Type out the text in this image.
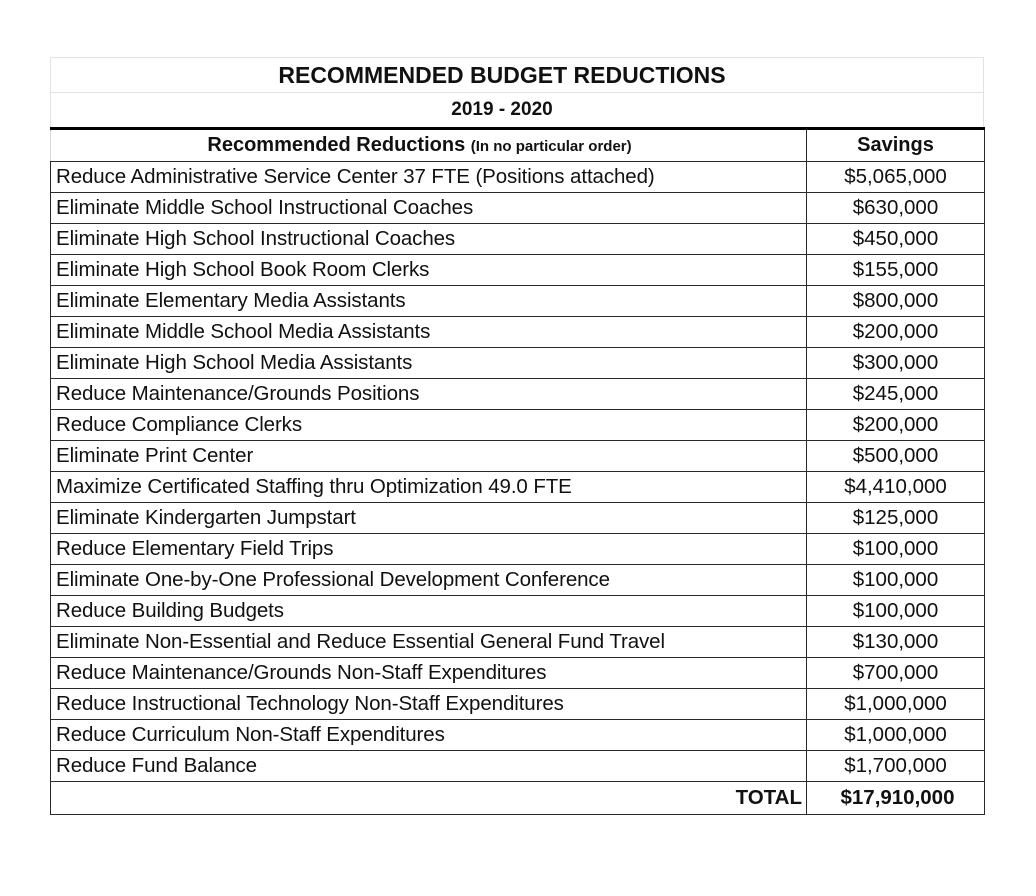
RECOMMENDED BUDGET REDUCTIONS
2019 - 2020
Recommended Reductions (In no particular order)	Savings
Reduce Administrative Service Center 37 FTE (Positions attached)	$5,065,000
Eliminate Middle School Instructional Coaches	$630,000
Eliminate High School Instructional Coaches	$450,000
Eliminate High School Book Room Clerks	$155,000
Eliminate Elementary Media Assistants	$800,000
Eliminate Middle School Media Assistants	$200,000
Eliminate High School Media Assistants	$300,000
Reduce Maintenance/Grounds Positions	$245,000
Reduce Compliance Clerks	$200,000
Eliminate Print Center	$500,000
Maximize Certificated Staffing thru Optimization 49.0 FTE	$4,410,000
Eliminate Kindergarten Jumpstart	$125,000
Reduce Elementary Field Trips	$100,000
Eliminate One-by-One Professional Development Conference	$100,000
Reduce Building Budgets	$100,000
Eliminate Non-Essential and Reduce Essential General Fund Travel	$130,000
Reduce Maintenance/Grounds Non-Staff Expenditures	$700,000
Reduce Instructional Technology Non-Staff Expenditures	$1,000,000
Reduce Curriculum Non-Staff Expenditures	$1,000,000
Reduce Fund Balance	$1,700,000
TOTAL	$17,910,000
